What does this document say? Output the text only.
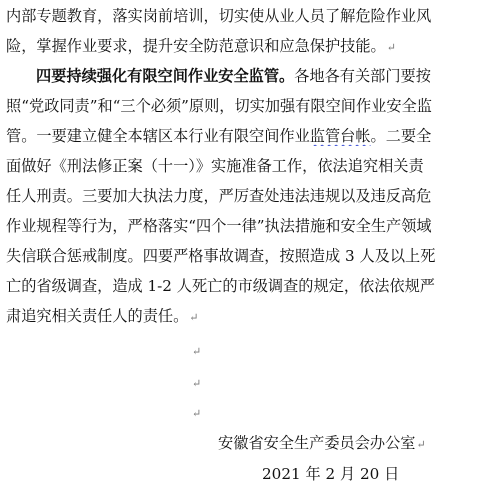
内部专题教育，落实岗前培训，切实使从业人员了解危险作业风
险，掌握作业要求，提升安全防范意识和应急保护技能。↵
四要持续强化有限空间作业安全监管。各地各有关部门要按
照“党政同责”和“三个必须”原则，切实加强有限空间作业安全监
管。一要建立健全本辖区本行业有限空间作业监管台帐。二要全
面做好《刑法修正案（十一）》实施准备工作，依法追究相关责
任人刑责。三要加大执法力度，严厉查处违法违规以及违反高危
作业规程等行为，严格落实“四个一律”执法措施和安全生产领域
失信联合惩戒制度。四要严格事故调查，按照造成 3 人及以上死
亡的省级调查，造成 1-2 人死亡的市级调查的规定，依法依规严
肃追究相关责任人的责任。↵
↵
↵
↵
安徽省安全生产委员会办公室↵
2021 年 2 月 20 日
